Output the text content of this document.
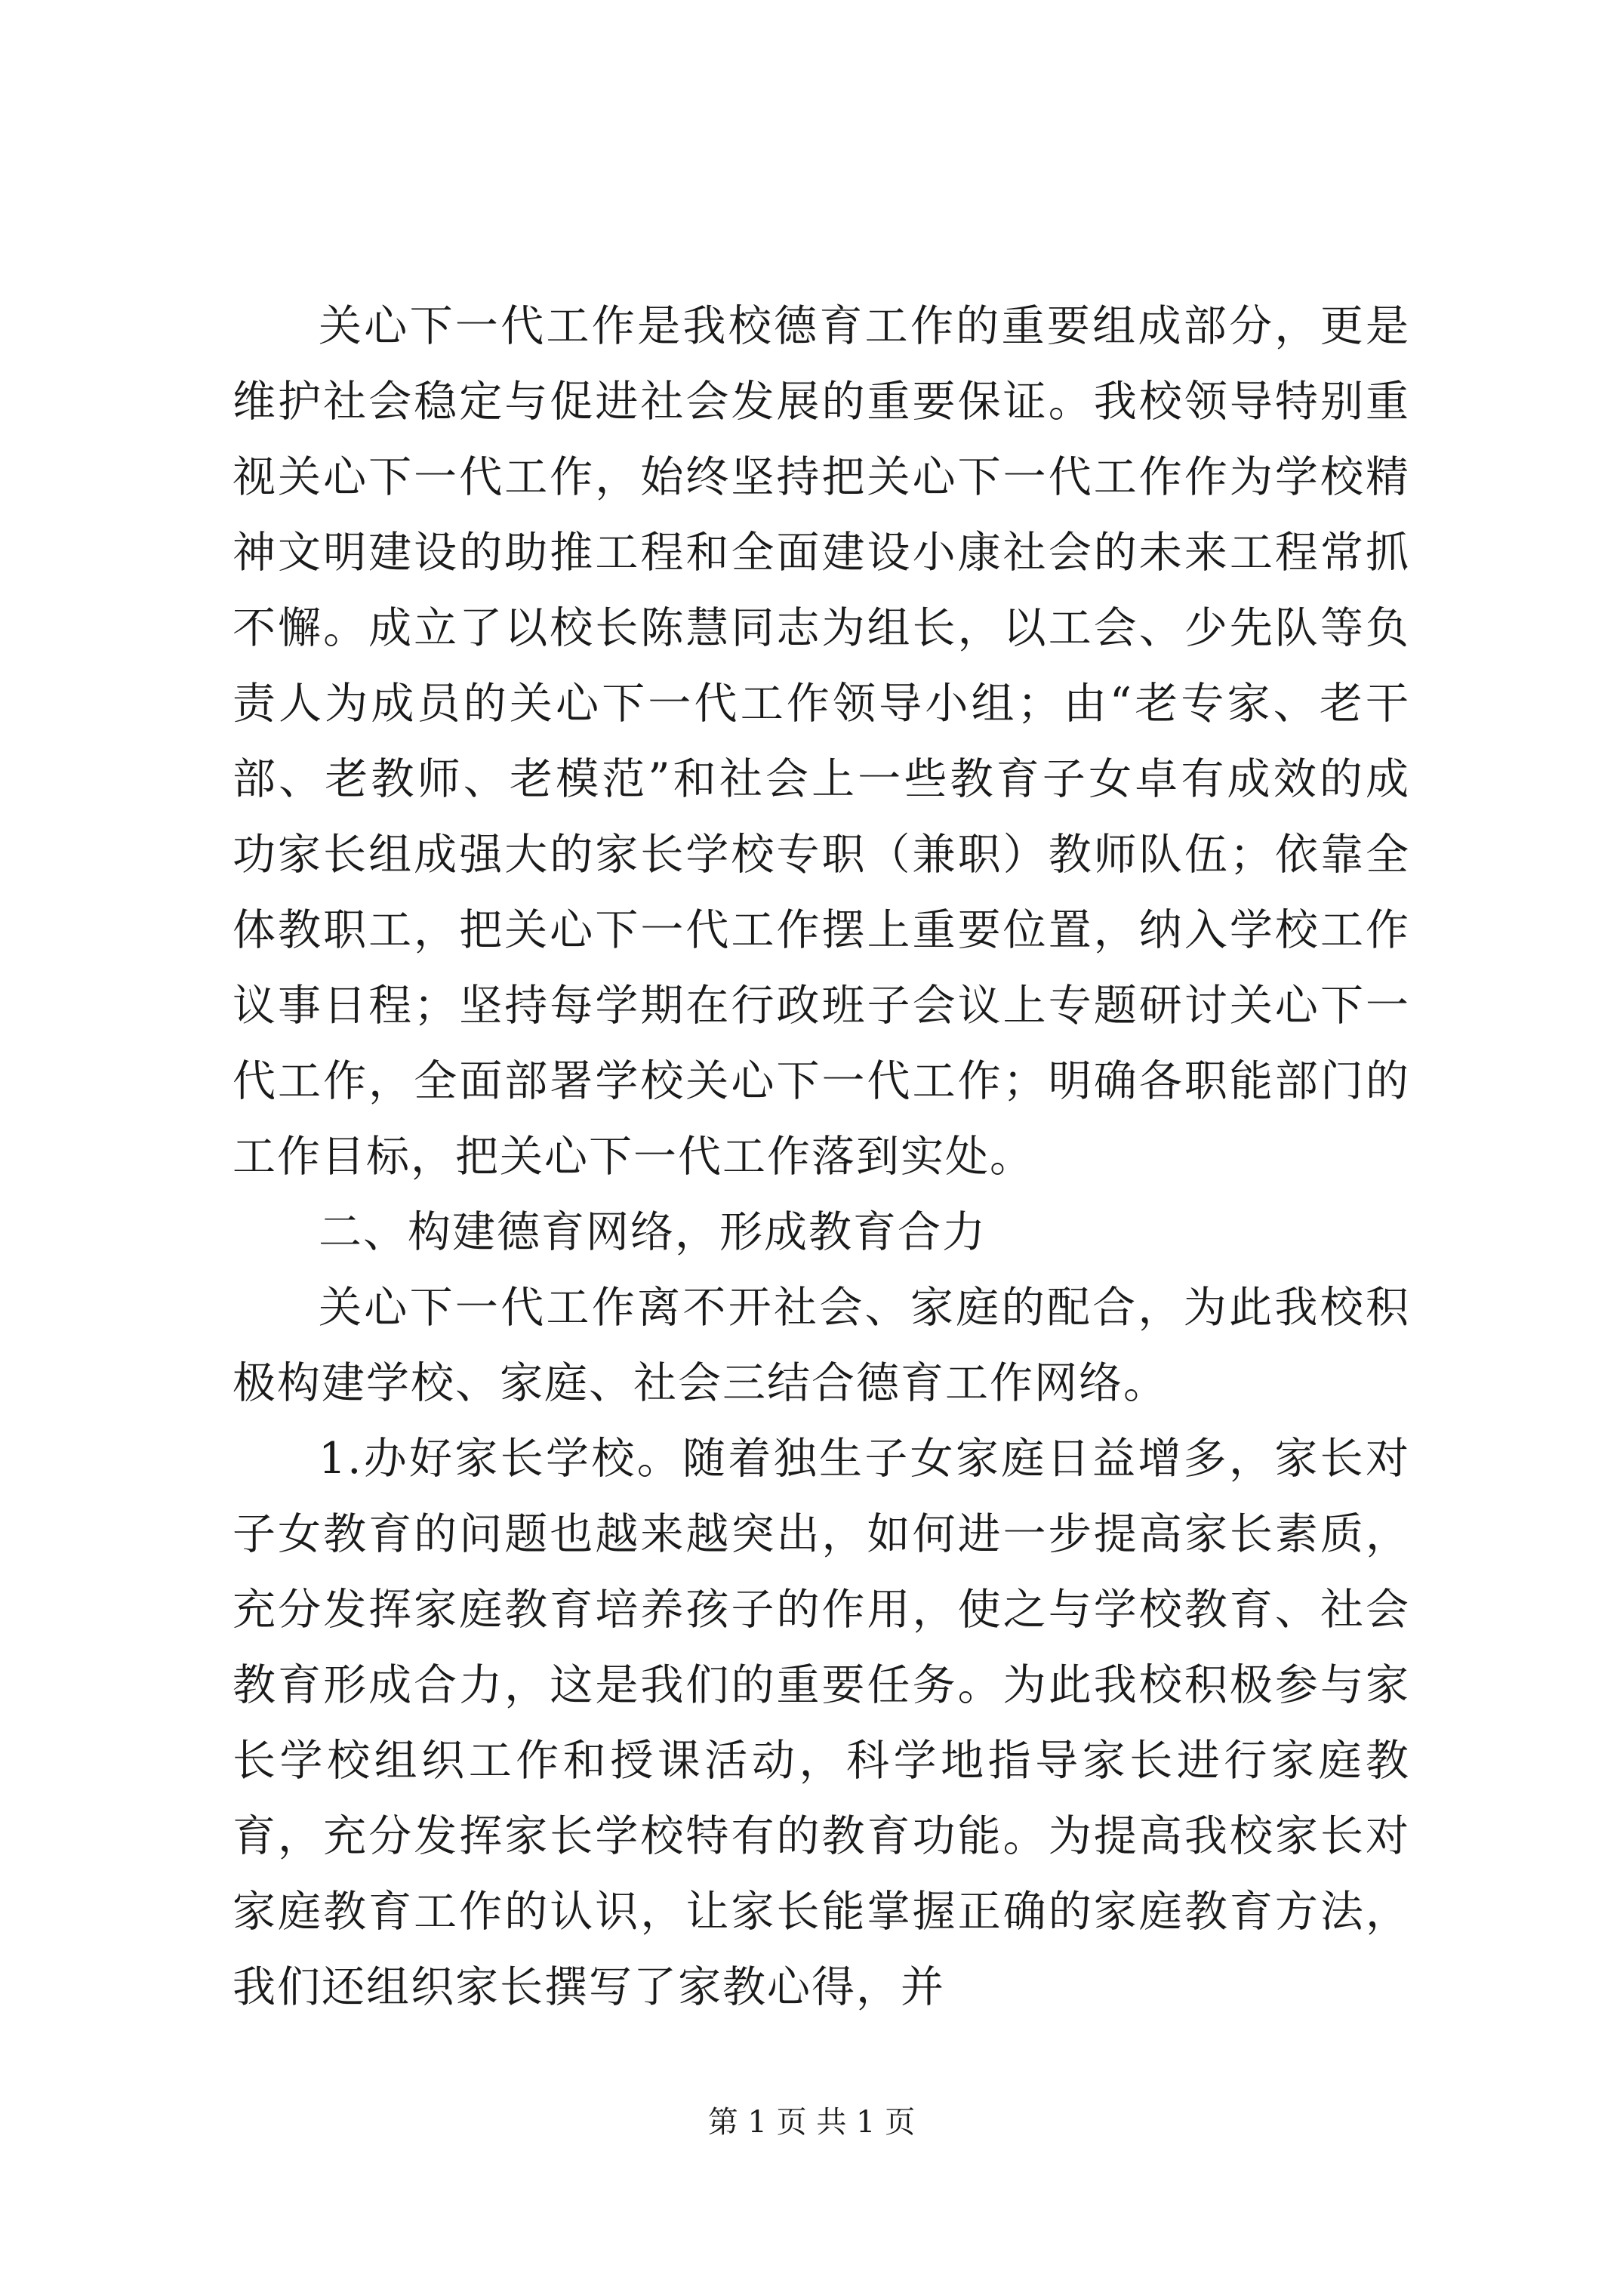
关心下一代工作是我校德育工作的重要组成部分，更是维护社会稳定与促进社会发展的重要保证。我校领导特别重视关心下一代工作，始终坚持把关心下一代工作作为学校精神文明建设的助推工程和全面建设小康社会的未来工程常抓不懈。成立了以校长陈慧同志为组长，以工会、少先队等负责人为成员的关心下一代工作领导小组；由“老专家、老干部、老教师、老模范”和社会上一些教育子女卓有成效的成功家长组成强大的家长学校专职（兼职）教师队伍；依靠全体教职工，把关心下一代工作摆上重要位置，纳入学校工作议事日程；坚持每学期在行政班子会议上专题研讨关心下一代工作，全面部署学校关心下一代工作；明确各职能部门的工作目标，把关心下一代工作落到实处。

二、构建德育网络，形成教育合力

关心下一代工作离不开社会、家庭的配合，为此我校积极构建学校、家庭、社会三结合德育工作网络。

1.办好家长学校。随着独生子女家庭日益增多，家长对子女教育的问题也越来越突出，如何进一步提高家长素质，充分发挥家庭教育培养孩子的作用，使之与学校教育、社会教育形成合力，这是我们的重要任务。为此我校积极参与家长学校组织工作和授课活动，科学地指导家长进行家庭教育，充分发挥家长学校特有的教育功能。为提高我校家长对家庭教育工作的认识，让家长能掌握正确的家庭教育方法，我们还组织家长撰写了家教心得，并

第 1 页 共 1 页
